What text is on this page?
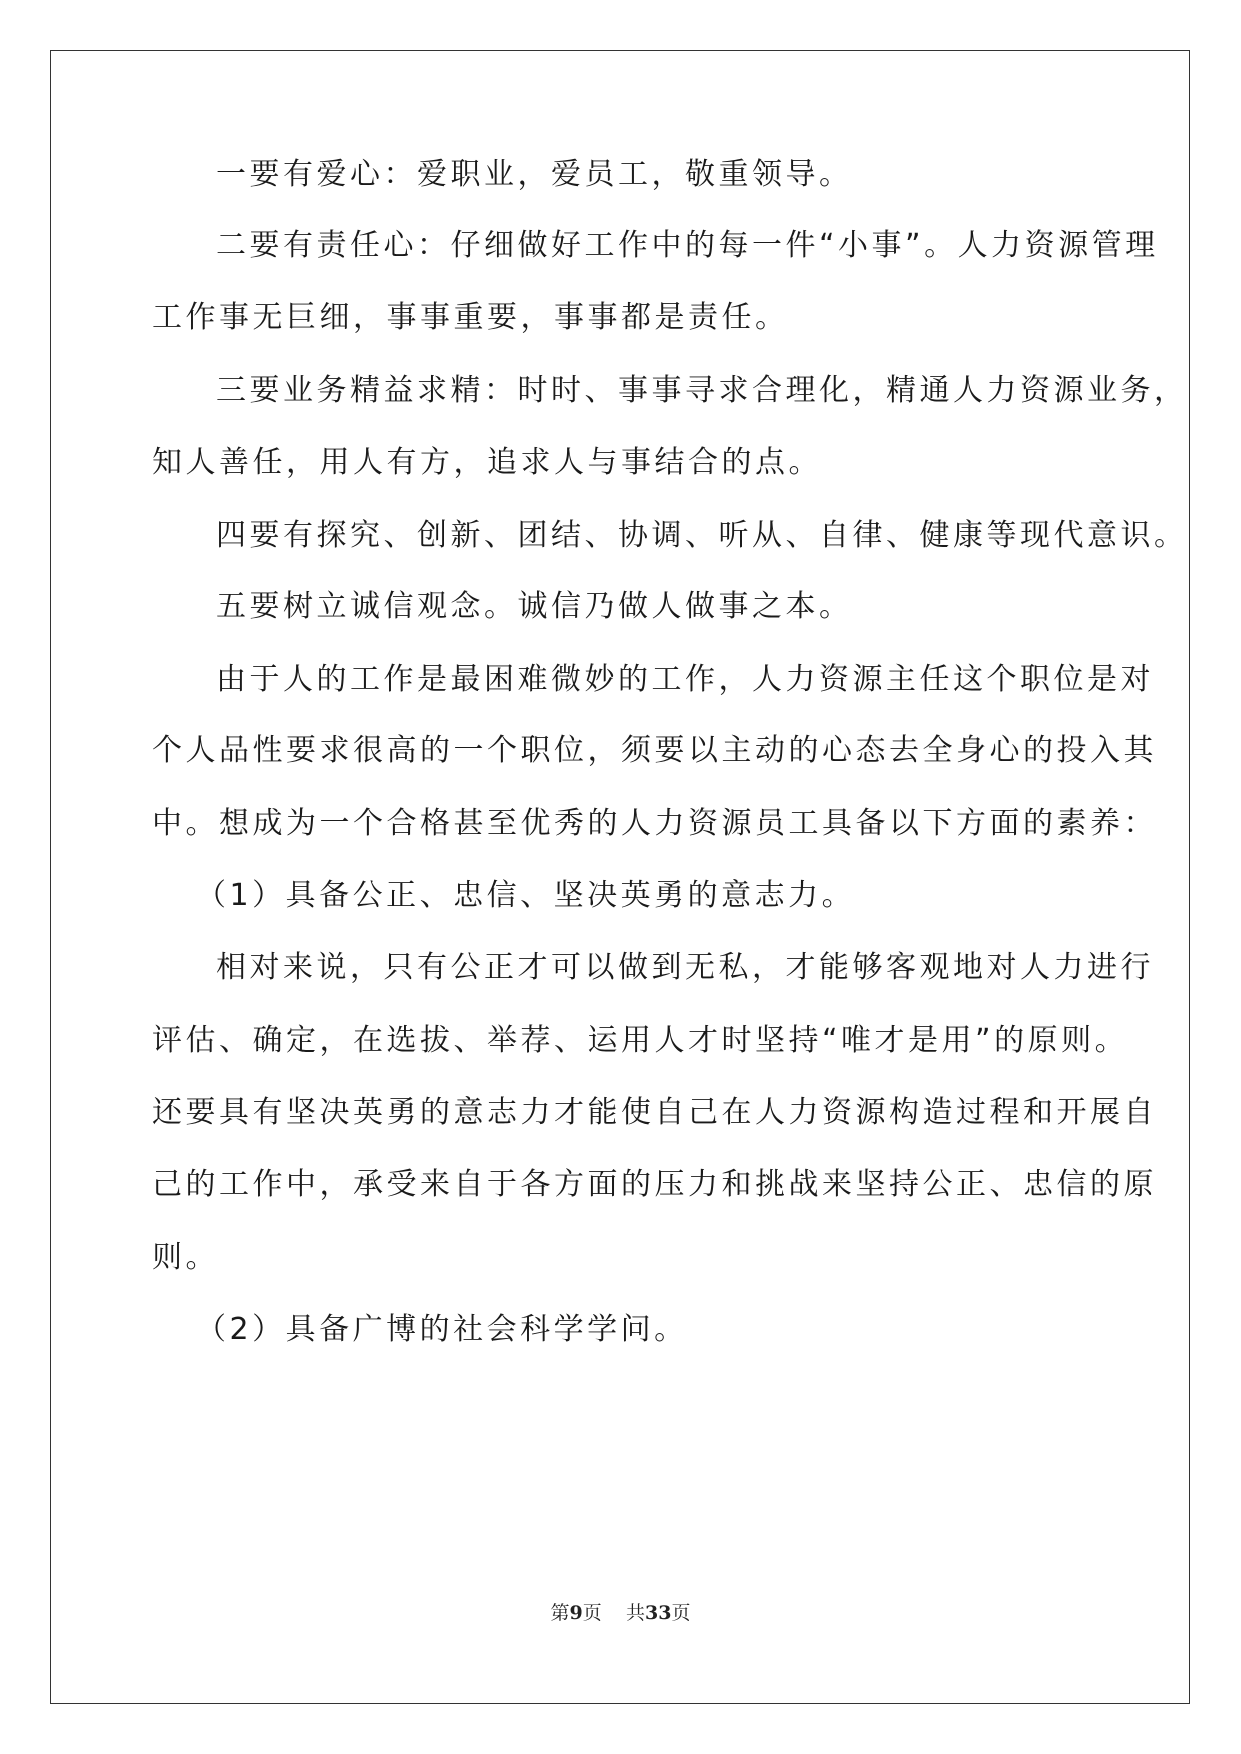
一要有爱心：爱职业，爱员工，敬重领导。
二要有责任心：仔细做好工作中的每一件“小事”。人力资源管理
工作事无巨细，事事重要，事事都是责任。
三要业务精益求精：时时、事事寻求合理化，精通人力资源业务，
知人善任，用人有方，追求人与事结合的点。
四要有探究、创新、团结、协调、听从、自律、健康等现代意识。
五要树立诚信观念。诚信乃做人做事之本。
由于人的工作是最困难微妙的工作，人力资源主任这个职位是对
个人品性要求很高的一个职位，须要以主动的心态去全身心的投入其
中。想成为一个合格甚至优秀的人力资源员工具备以下方面的素养：
（1）具备公正、忠信、坚决英勇的意志力。
相对来说，只有公正才可以做到无私，才能够客观地对人力进行
评估、确定，在选拔、举荐、运用人才时坚持“唯才是用”的原则。
还要具有坚决英勇的意志力才能使自己在人力资源构造过程和开展自
己的工作中，承受来自于各方面的压力和挑战来坚持公正、忠信的原
则。
（2）具备广博的社会科学学问。
第9页 共33页
